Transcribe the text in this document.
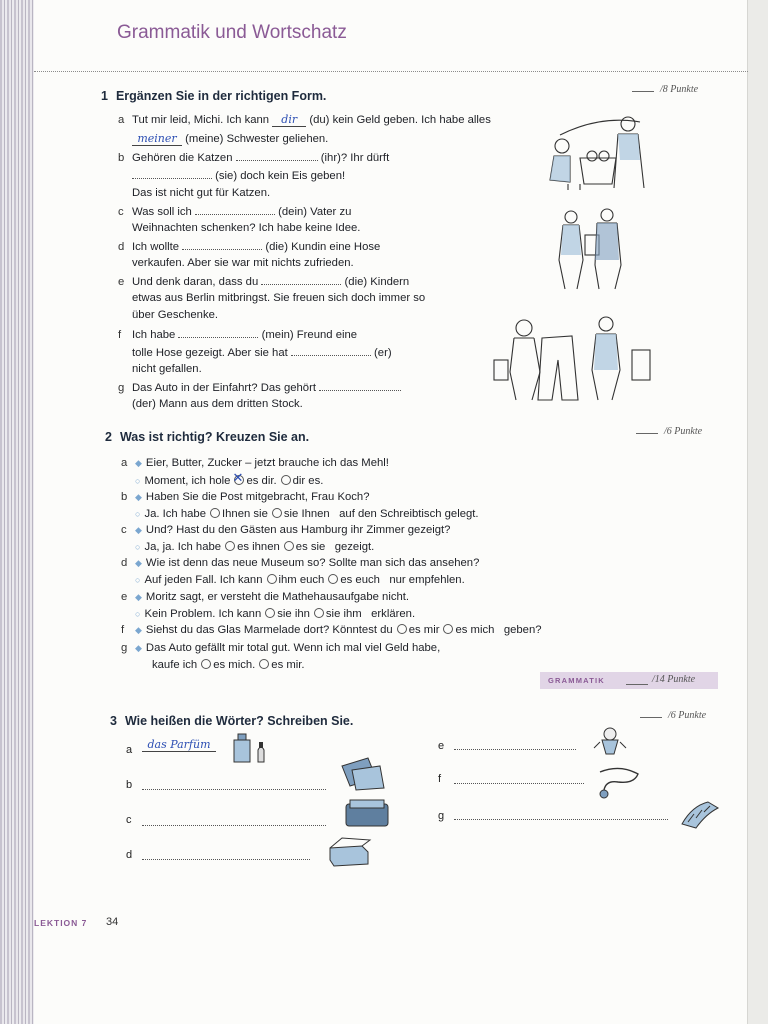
Grammatik und Wortschatz
1 Ergänzen Sie in der richtigen Form.	/8 Punkte
a Tut mir leid, Michi. Ich kann dir (du) kein Geld geben. Ich habe alles
meiner (meine) Schwester geliehen.
b Gehören die Katzen	(ihr)? Ihr dürft
(sie) doch kein Eis geben!
Das ist nicht gut für Katzen.
c Was soll ich	(dein) Vater zu
Weihnachten schenken? Ich habe keine Idee.
d Ich wollte	(die) Kundin eine Hose
verkaufen. Aber sie war mit nichts zufrieden.
e Und denk daran, dass du	(die) Kindern
etwas aus Berlin mitbringst. Sie freuen sich doch immer so
über Geschenke.
f Ich habe	(mein) Freund eine
tolle Hose gezeigt. Aber sie hat	(er)
nicht gefallen.
g Das Auto in der Einfahrt? Das gehört
(der) Mann aus dem dritten Stock.
2 Was ist richtig? Kreuzen Sie an.	/6 Punkte
a ◆ Eier, Butter, Zucker – jetzt brauche ich das Mehl!
○ Moment, ich hole✕ es dir. dir es.
b ◆ Haben Sie die Post mitgebracht, Frau Koch?
○ Ja. Ich habe Ihnen sie sie Ihnen auf den Schreibtisch gelegt.
c ◆ Und? Hast du den Gästen aus Hamburg ihr Zimmer gezeigt?
○ Ja, ja. Ich habe es ihnen es sie gezeigt.
d ◆ Wie ist denn das neue Museum so? Sollte man sich das ansehen?
○ Auf jeden Fall. Ich kann ihm euch es euch nur empfehlen.
e ◆ Moritz sagt, er versteht die Mathehausaufgabe nicht.
○ Kein Problem. Ich kann sie ihn sie ihm erklären.
f ◆ Siehst du das Glas Marmelade dort? Könntest du es mir es mich geben?
g ◆ Das Auto gefällt mir total gut. Wenn ich mal viel Geld habe,
kaufe ich es mich. es mir.
GRAMMATIK	/14 Punkte
3 Wie heißen die Wörter? Schreiben Sie.	/6 Punkte
a	das Parfüm
b
c
d
e
f
g
LEKTION 7 34
